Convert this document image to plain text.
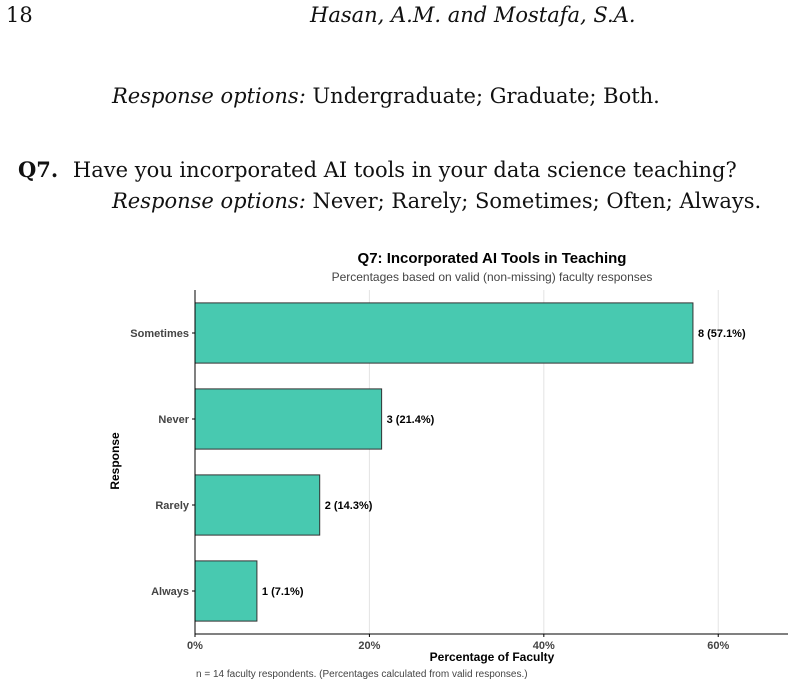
18	Hasan, A.M. and Mostafa, S.A.
Response options: Undergraduate; Graduate; Both.
Q7. Have you incorporated AI tools in your data science teaching?
Response options: Never; Rarely; Sometimes; Often; Always.
Q7: Incorporated AI Tools in Teaching
Percentages based on valid (non-missing) faculty responses
8 (57.1%)
3 (21.4%)
2 (14.3%)
1 (7.1%)
Sometimes
Never
Rarely
Always
0%	20%	40%	60%
Percentage of Faculty
Response
n = 14 faculty respondents. (Percentages calculated from valid responses.)
